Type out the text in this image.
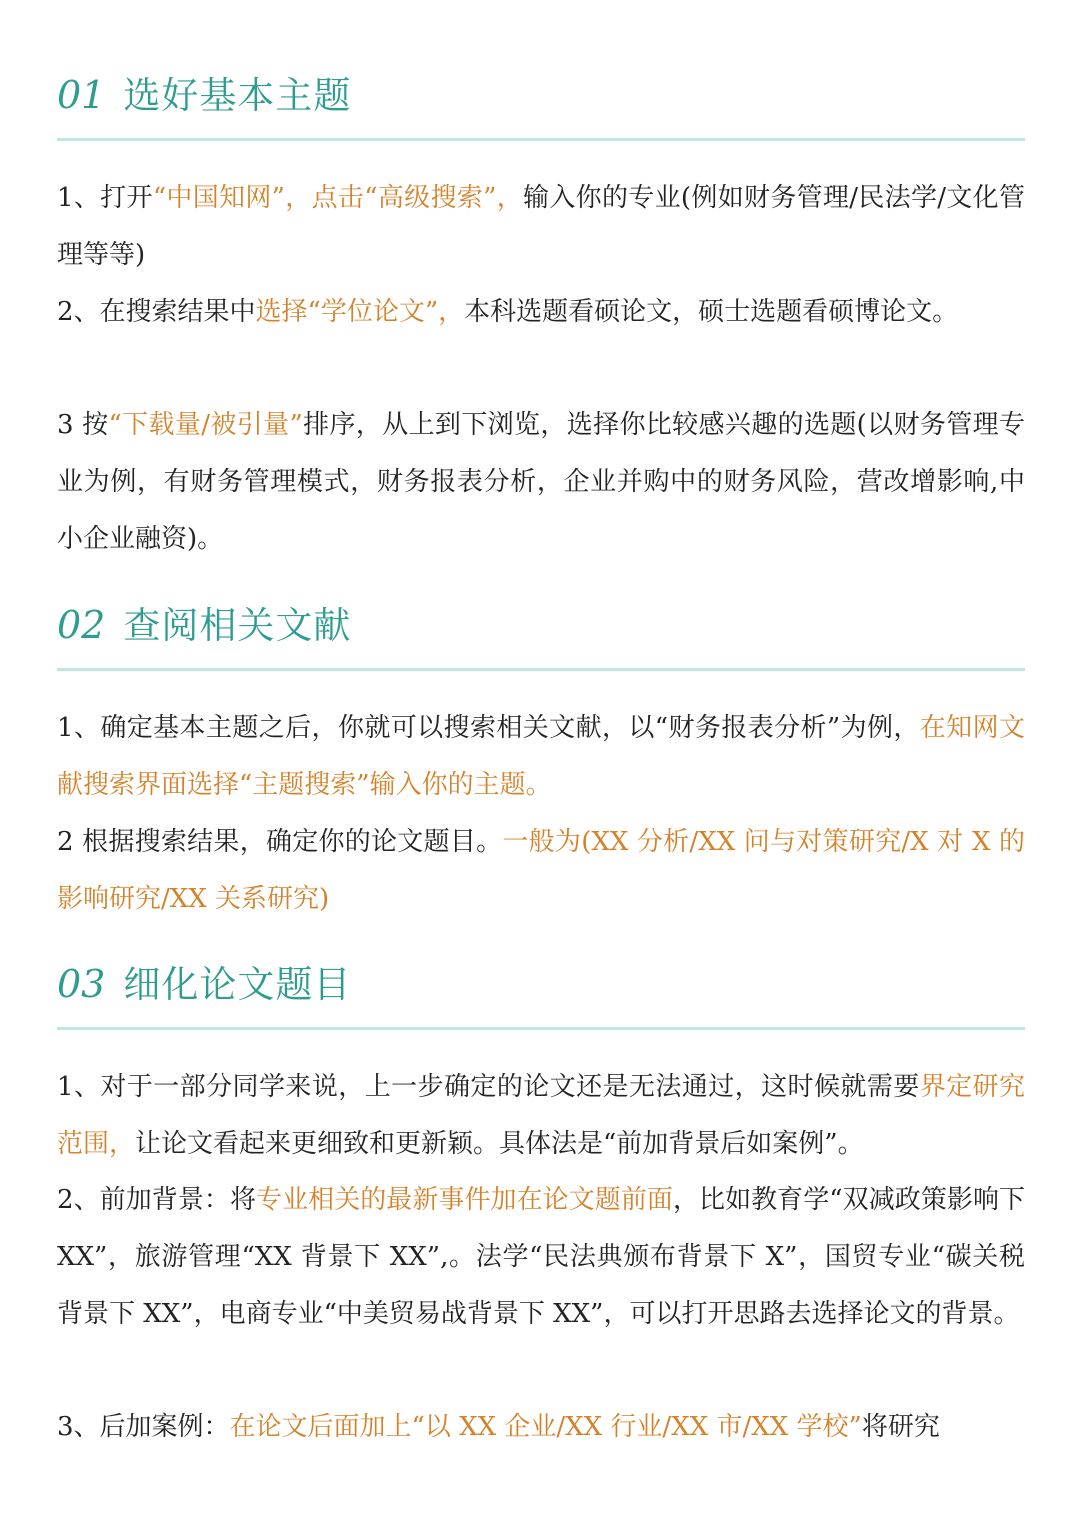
01 选好基本主题
1、打开“中国知网”，点击“高级搜索”，输入你的专业(例如财务管理/民法学/文化管理等等)
2、在搜索结果中选择“学位论文”，本科选题看硕论文，硕士选题看硕博论文。
3 按“下载量/被引量”排序，从上到下浏览，选择你比较感兴趣的选题(以财务管理专业为例，有财务管理模式，财务报表分析，企业并购中的财务风险，营改增影响,中小企业融资)。
02 查阅相关文献
1、确定基本主题之后，你就可以搜索相关文献，以“财务报表分析”为例，在知网文献搜索界面选择“主题搜索”输入你的主题。
2 根据搜索结果，确定你的论文题目。一般为(XX 分析/XX 问与对策研究/X 对 X 的影响研究/XX 关系研究)
03 细化论文题目
1、对于一部分同学来说，上一步确定的论文还是无法通过，这时候就需要界定研究范围，让论文看起来更细致和更新颖。具体法是“前加背景后如案例”。
2、前加背景：将专业相关的最新事件加在论文题前面，比如教育学“双减政策影响下 XX”，旅游管理“XX 背景下 XX”,。法学“民法典颁布背景下 X”，国贸专业“碳关税背景下 XX”，电商专业“中美贸易战背景下 XX”，可以打开思路去选择论文的背景。
3、后加案例：在论文后面加上“以 XX 企业/XX 行业/XX 市/XX 学校”将研究
